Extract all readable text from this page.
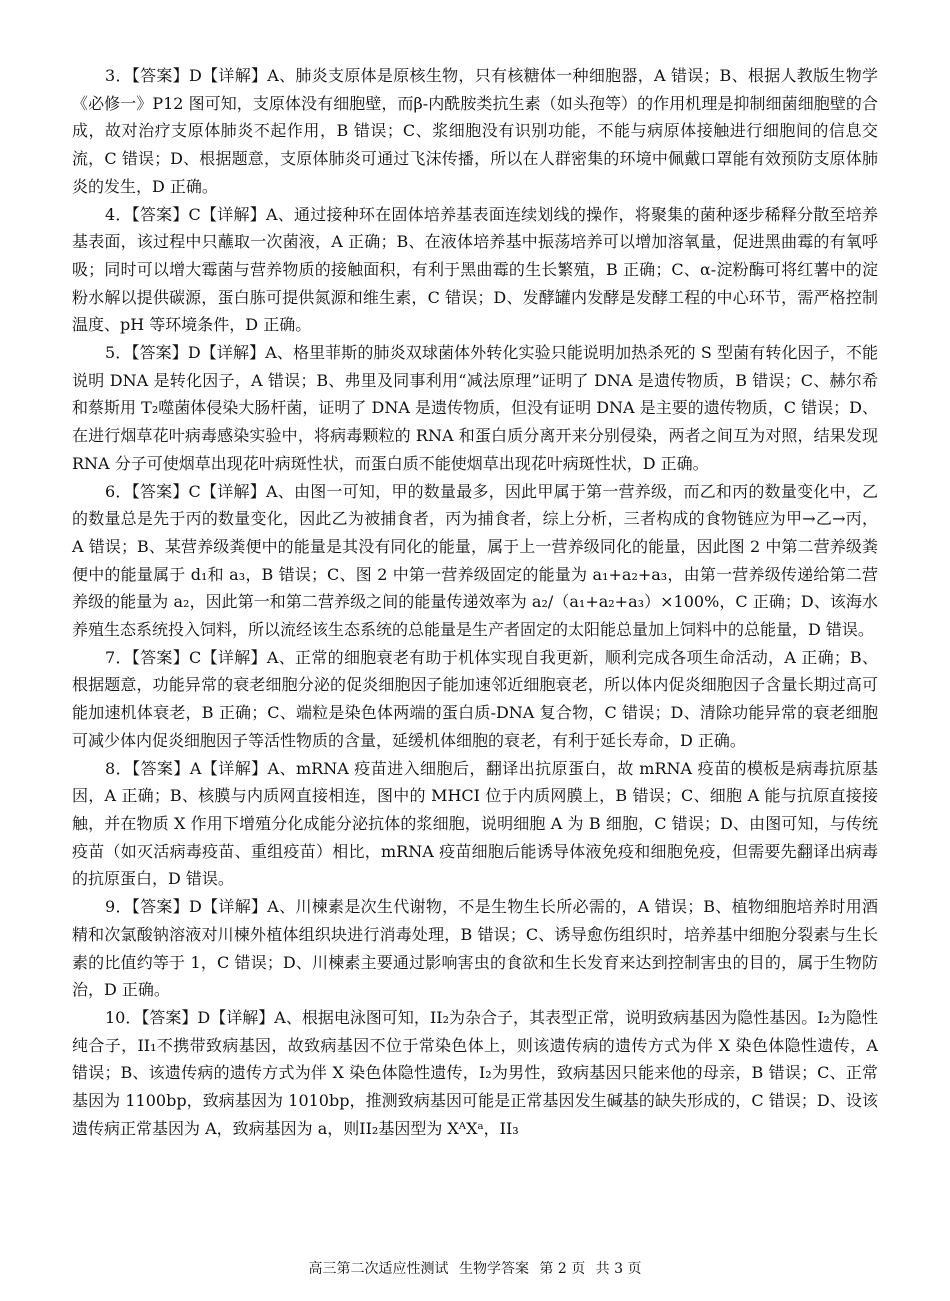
3．【答案】D【详解】A、肺炎支原体是原核生物，只有核糖体一种细胞器，A 错误；B、根据人教版生物学《必修一》P12 图可知，支原体没有细胞壁，而β-内酰胺类抗生素（如头孢等）的作用机理是抑制细菌细胞壁的合成，故对治疗支原体肺炎不起作用，B 错误；C、浆细胞没有识别功能，不能与病原体接触进行细胞间的信息交流，C 错误；D、根据题意，支原体肺炎可通过飞沫传播，所以在人群密集的环境中佩戴口罩能有效预防支原体肺炎的发生，D 正确。

4．【答案】C【详解】A、通过接种环在固体培养基表面连续划线的操作，将聚集的菌种逐步稀释分散至培养基表面，该过程中只蘸取一次菌液，A 正确；B、在液体培养基中振荡培养可以增加溶氧量，促进黑曲霉的有氧呼吸；同时可以增大霉菌与营养物质的接触面积，有利于黑曲霉的生长繁殖，B 正确；C、α-淀粉酶可将红薯中的淀粉水解以提供碳源，蛋白胨可提供氮源和维生素，C 错误；D、发酵罐内发酵是发酵工程的中心环节，需严格控制温度、pH 等环境条件，D 正确。

5．【答案】D【详解】A、格里菲斯的肺炎双球菌体外转化实验只能说明加热杀死的 S 型菌有转化因子，不能说明 DNA 是转化因子，A 错误；B、弗里及同事利用“减法原理”证明了 DNA 是遗传物质，B 错误；C、赫尔希和蔡斯用 T₂噬菌体侵染大肠杆菌，证明了 DNA 是遗传物质，但没有证明 DNA 是主要的遗传物质，C 错误；D、在进行烟草花叶病毒感染实验中，将病毒颗粒的 RNA 和蛋白质分离开来分别侵染，两者之间互为对照，结果发现 RNA 分子可使烟草出现花叶病斑性状，而蛋白质不能使烟草出现花叶病斑性状，D 正确。

6．【答案】C【详解】A、由图一可知，甲的数量最多，因此甲属于第一营养级，而乙和丙的数量变化中，乙的数量总是先于丙的数量变化，因此乙为被捕食者，丙为捕食者，综上分析，三者构成的食物链应为甲→乙→丙，A 错误；B、某营养级粪便中的能量是其没有同化的能量，属于上一营养级同化的能量，因此图 2 中第二营养级粪便中的能量属于 d₁和 a₃，B 错误；C、图 2 中第一营养级固定的能量为 a₁+a₂+a₃，由第一营养级传递给第二营养级的能量为 a₂，因此第一和第二营养级之间的能量传递效率为 a₂/（a₁+a₂+a₃）×100%，C 正确；D、该海水养殖生态系统投入饲料，所以流经该生态系统的总能量是生产者固定的太阳能总量加上饲料中的总能量，D 错误。

7．【答案】C【详解】A、正常的细胞衰老有助于机体实现自我更新，顺利完成各项生命活动，A 正确；B、根据题意，功能异常的衰老细胞分泌的促炎细胞因子能加速邻近细胞衰老，所以体内促炎细胞因子含量长期过高可能加速机体衰老，B 正确；C、端粒是染色体两端的蛋白质-DNA 复合物，C 错误；D、清除功能异常的衰老细胞可减少体内促炎细胞因子等活性物质的含量，延缓机体细胞的衰老，有利于延长寿命，D 正确。

8．【答案】A【详解】A、mRNA 疫苗进入细胞后，翻译出抗原蛋白，故 mRNA 疫苗的模板是病毒抗原基因，A 正确；B、核膜与内质网直接相连，图中的 MHCI 位于内质网膜上，B 错误；C、细胞 A 能与抗原直接接触，并在物质 X 作用下增殖分化成能分泌抗体的浆细胞，说明细胞 A 为 B 细胞，C 错误；D、由图可知，与传统疫苗（如灭活病毒疫苗、重组疫苗）相比，mRNA 疫苗细胞后能诱导体液免疫和细胞免疫，但需要先翻译出病毒的抗原蛋白，D 错误。

9．【答案】D【详解】A、川楝素是次生代谢物，不是生物生长所必需的，A 错误；B、植物细胞培养时用酒精和次氯酸钠溶液对川楝外植体组织块进行消毒处理，B 错误；C、诱导愈伤组织时，培养基中细胞分裂素与生长素的比值约等于 1，C 错误；D、川楝素主要通过影响害虫的食欲和生长发育来达到控制害虫的目的，属于生物防治，D 正确。

10．【答案】D【详解】A、根据电泳图可知，II₂为杂合子，其表型正常，说明致病基因为隐性基因。I₂为隐性纯合子，II₁不携带致病基因，故致病基因不位于常染色体上，则该遗传病的遗传方式为伴 X 染色体隐性遗传，A 错误；B、该遗传病的遗传方式为伴 X 染色体隐性遗传，I₂为男性，致病基因只能来他的母亲，B 错误；C、正常基因为 1100bp，致病基因为 1010bp，推测致病基因可能是正常基因发生碱基的缺失形成的，C 错误；D、设该遗传病正常基因为 A，致病基因为 a，则II₂基因型为 XᴬXᵃ，II₃

高三第二次适应性测试 生物学答案 第 2 页 共 3 页
